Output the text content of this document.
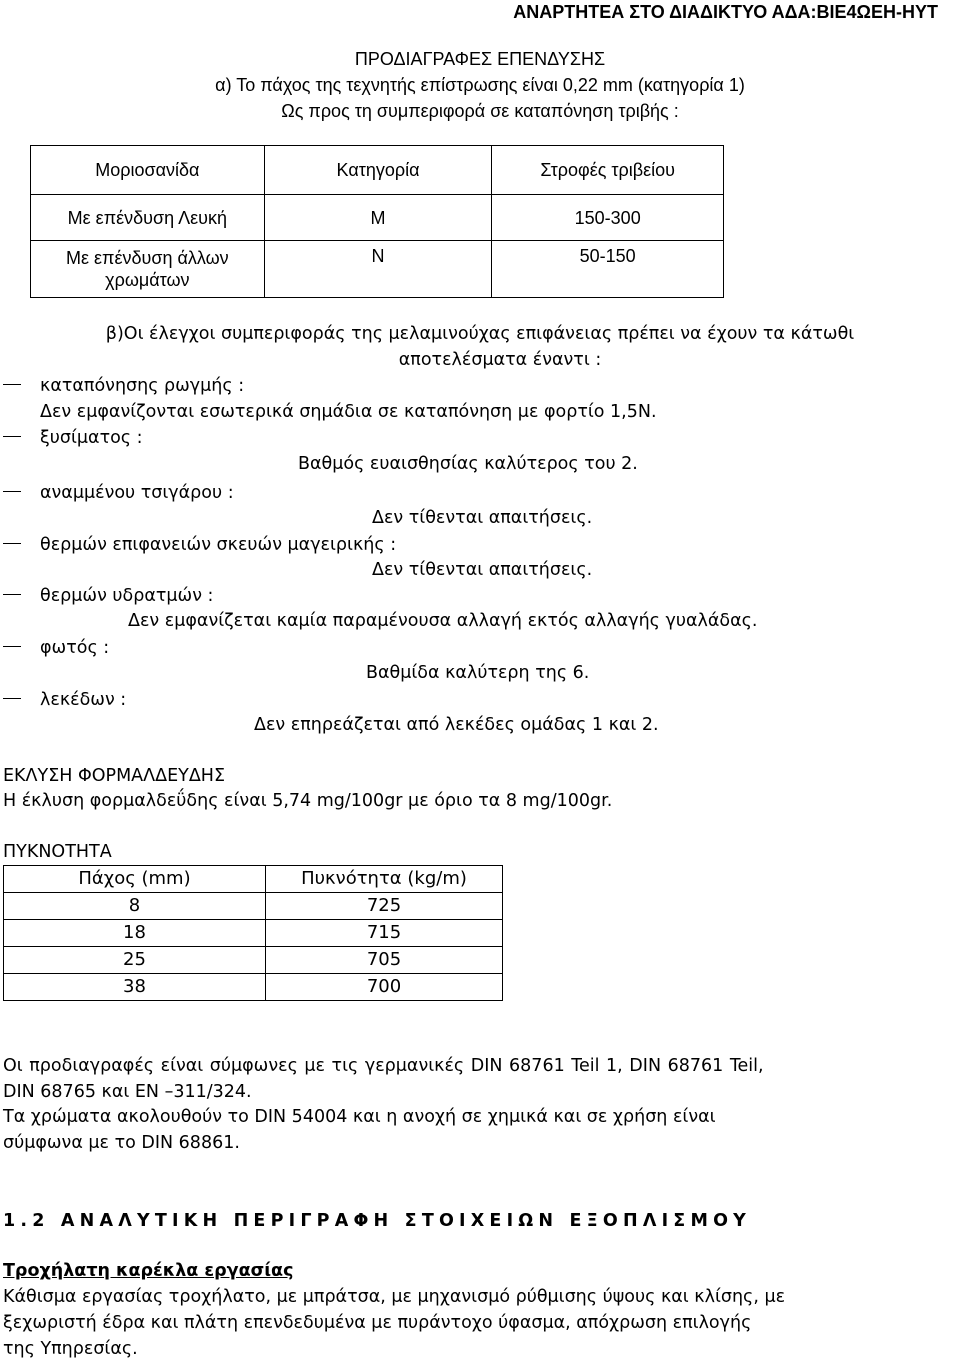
ΑΝΑΡΤΗΤΕΑ ΣΤΟ ΔΙΑΔΙΚΤΥΟ ΑΔΑ:ΒΙΕ4ΩΕΗ-ΗΥΤ
ΠΡΟΔΙΑΓΡΑΦΕΣ ΕΠΕΝΔΥΣΗΣ
α) Το πάχος της τεχνητής επίστρωσης είναι 0,22 mm (κατηγορία 1)
Ως προς τη συμπεριφορά σε καταπόνηση τριβής :
Μοριοσανίδα	Κατηγορία	Στροφές τριβείου
Με επένδυση Λευκή	Μ	150-300
Με επένδυση άλλων
χρωμάτων	Ν	50-150
β)Οι έλεγχοι συμπεριφοράς της μελαμινούχας επιφάνειας πρέπει να έχουν τα κάτωθι
αποτελέσματα έναντι :
καταπόνησης ρωγμής :
Δεν εμφανίζονται εσωτερικά σημάδια σε καταπόνηση με φορτίο 1,5Ν.
ξυσίματος :
Βαθμός ευαισθησίας καλύτερος του 2.
αναμμένου τσιγάρου :
Δεν τίθενται απαιτήσεις.
θερμών επιφανειών σκευών μαγειρικής :
Δεν τίθενται απαιτήσεις.
θερμών υδρατμών :
Δεν εμφανίζεται καμία παραμένουσα αλλαγή εκτός αλλαγής γυαλάδας.
φωτός :
Βαθμίδα καλύτερη της 6.
λεκέδων :
Δεν επηρεάζεται από λεκέδες ομάδας 1 και 2.
ΕΚΛΥΣΗ ΦΟΡΜΑΛΔΕΥΔΗΣ
Η έκλυση φορμαλδεΰδης είναι 5,74 mg/100gr με όριο τα 8 mg/100gr.
ΠΥΚΝΟΤΗΤΑ
Πάχος (mm)	Πυκνότητα (kg/m)
8	725
18	715
25	705
38	700
Οι προδιαγραφές είναι σύμφωνες με τις γερμανικές DIN 68761 Teil 1, DIN 68761 Teil,
DIN 68765 και EN –311/324.
Τα χρώματα ακολουθούν το DIN 54004 και η ανοχή σε χημικά και σε χρήση είναι
σύμφωνα με το DIN 68861.
1.2 ΑΝΑΛΥΤΙΚΗ ΠΕΡΙΓΡΑΦΗ ΣΤΟΙΧΕΙΩΝ ΕΞΟΠΛΙΣΜΟΥ
Τροχήλατη καρέκλα εργασίας
Κάθισμα εργασίας τροχήλατο, με μπράτσα, με μηχανισμό ρύθμισης ύψους και κλίσης, με
ξεχωριστή έδρα και πλάτη επενδεδυμένα με πυράντοχο ύφασμα, απόχρωση επιλογής
της Υπηρεσίας.
